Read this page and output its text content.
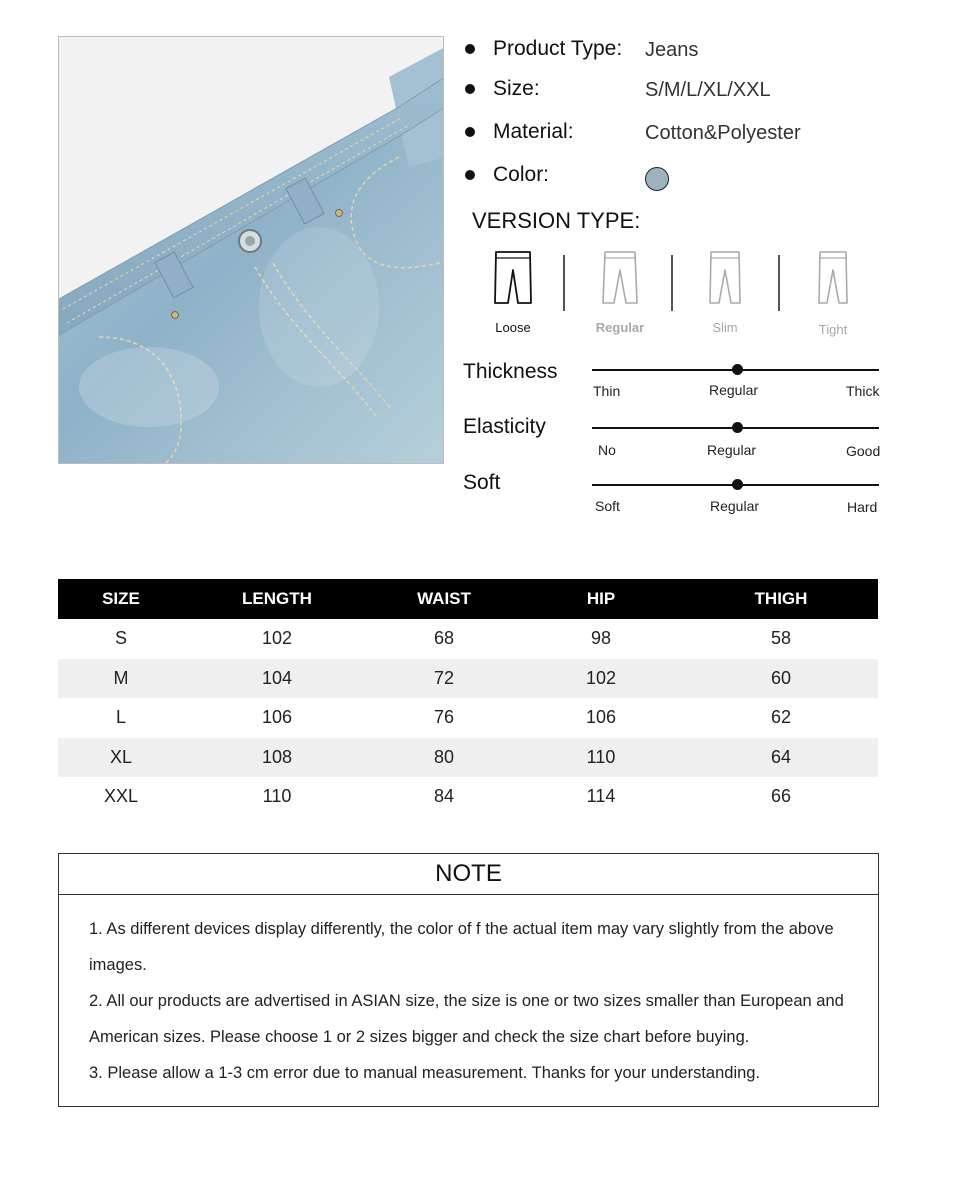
Product Type: Jeans
Size:	S/M/L/XL/XXL
Material:	Cotton&Polyester
Color:
VERSION TYPE:
Loose	Regular	Slim	Tight
Thickness
Thin	Regular	Thick
Elasticity
No	Regular	Good
Soft
Soft	Regular	Hard
SIZE	LENGTH	WAIST	HIP	THIGH
S	102	68	98	58
M	104	72	102	60
L	106	76	106	62
XL	108	80	110	64
XXL	110	84	114	66
NOTE
1. As different devices display differently, the color of f the actual item may vary slightly from the above images.
2. All our products are advertised in ASIAN size, the size is one or two sizes smaller than European and American sizes. Please choose 1 or 2 sizes bigger and check the size chart before buying.
3. Please allow a 1-3 cm error due to manual measurement. Thanks for your understanding.
